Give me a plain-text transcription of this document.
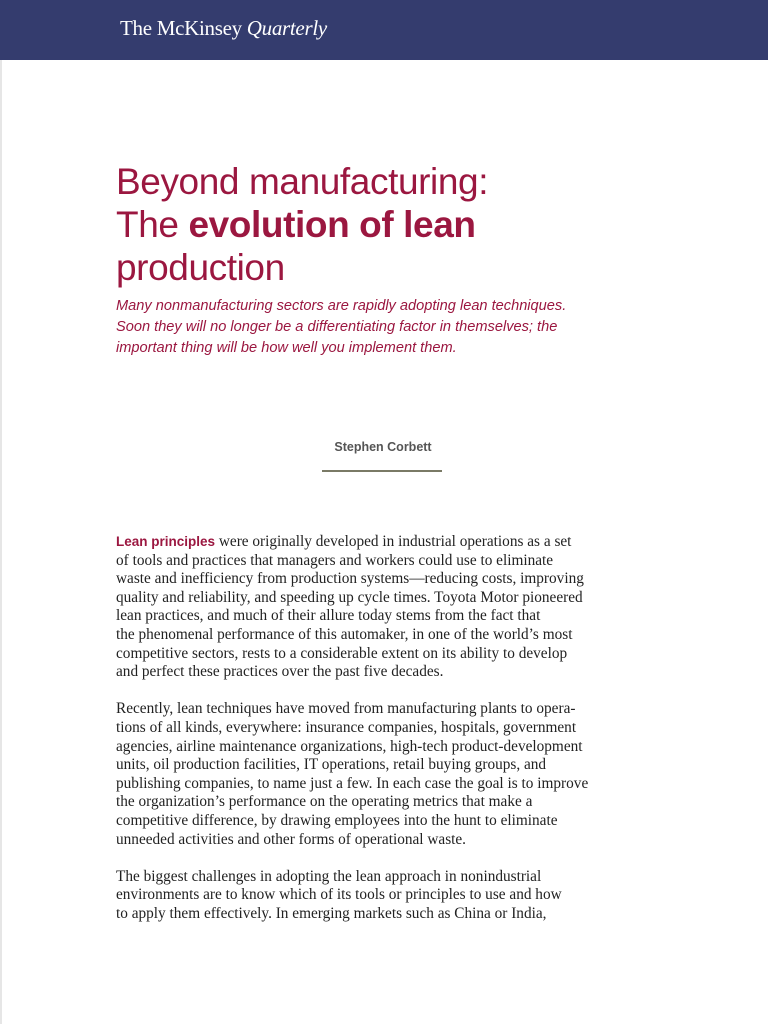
The McKinsey Quarterly
Beyond manufacturing:
The evolution of lean
production

Many nonmanufacturing sectors are rapidly adopting lean techniques.
Soon they will no longer be a differentiating factor in themselves; the
important thing will be how well you implement them.

Stephen Corbett

Lean principles were originally developed in industrial operations as a set
of tools and practices that managers and workers could use to eliminate
waste and inefficiency from production systems—reducing costs, improving
quality and reliability, and speeding up cycle times. Toyota Motor pioneered
lean practices, and much of their allure today stems from the fact that
the phenomenal performance of this automaker, in one of the world’s most
competitive sectors, rests to a considerable extent on its ability to develop
and perfect these practices over the past five decades.

Recently, lean techniques have moved from manufacturing plants to opera-
tions of all kinds, everywhere: insurance companies, hospitals, government
agencies, airline maintenance organizations, high-tech product-development
units, oil production facilities, IT operations, retail buying groups, and
publishing companies, to name just a few. In each case the goal is to improve
the organization’s performance on the operating metrics that make a
competitive difference, by drawing employees into the hunt to eliminate
unneeded activities and other forms of operational waste.

The biggest challenges in adopting the lean approach in nonindustrial
environments are to know which of its tools or principles to use and how
to apply them effectively. In emerging markets such as China or India,
